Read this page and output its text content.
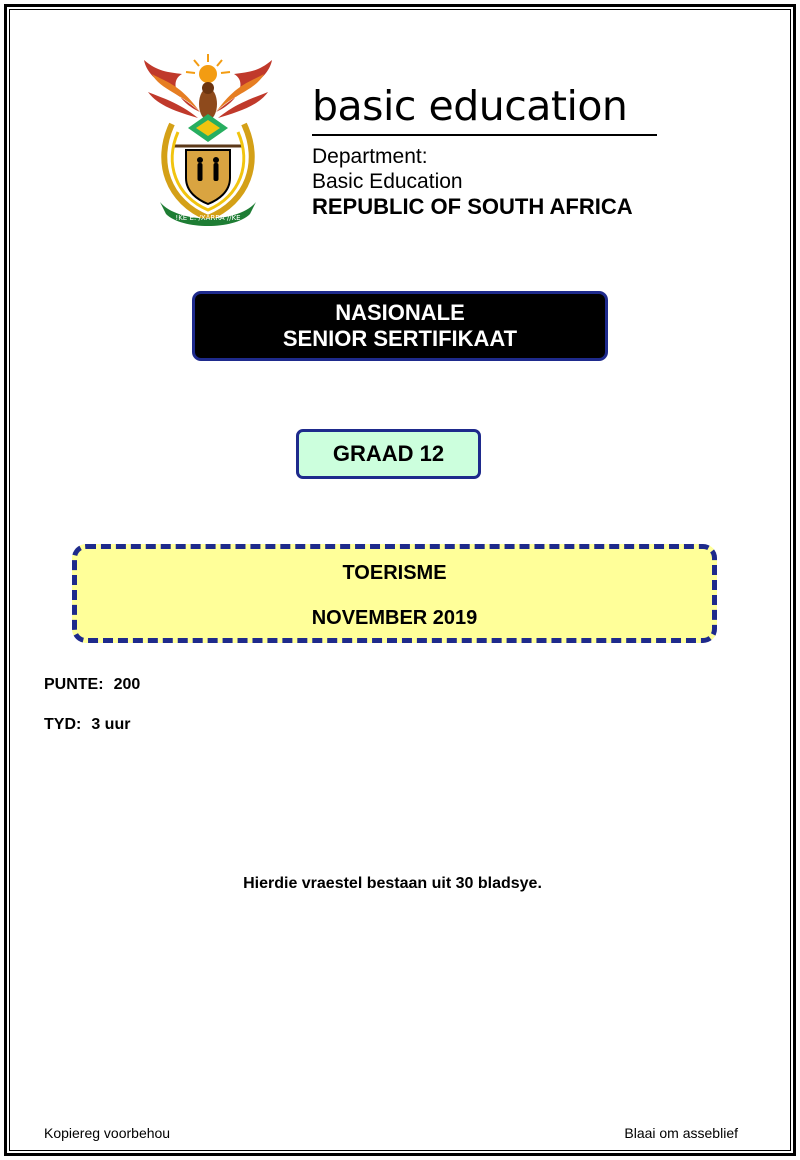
!KE E: /XARRA //KE
basic education
Department:
Basic Education
REPUBLIC OF SOUTH AFRICA
NASIONALE
SENIOR SERTIFIKAAT
GRAAD 12
TOERISME
NOVEMBER 2019
PUNTE: 200
TYD: 3 uur
Hierdie vraestel bestaan uit 30 bladsye.
Kopiereg voorbehou	Blaai om asseblief
